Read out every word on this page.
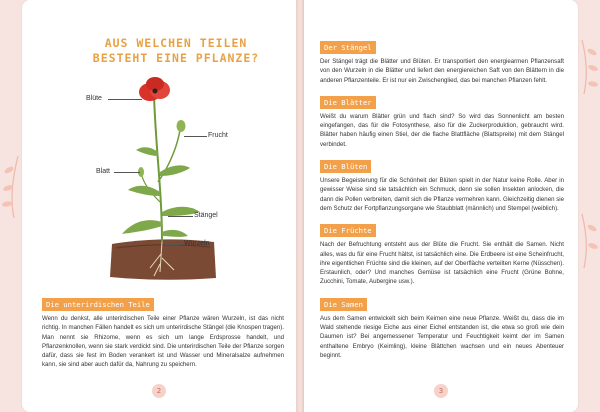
AUS WELCHEN TEILEN
BESTEHT EINE PFLANZE?
Blüte
Frucht
Blatt
Stängel
Wurzeln
Die unterirdischen Teile

Wenn du denkst, alle unterirdischen Teile einer Pflanze wären Wurzeln, ist das nicht richtig. In manchen Fällen handelt es sich um unterirdische Stängel (die Knospen tragen). Man nennt sie Rhizome, wenn es sich um lange Erdsprosse handelt, und Pflanzenknollen, wenn sie stark verdickt sind. Die unterirdischen Teile der Pflanze sorgen dafür, dass sie fest im Boden verankert ist und Wasser und Mineralsalze aufnehmen kann, sie sind aber auch dafür da, Nahrung zu speichern.

2
Der Stängel

Der Stängel trägt die Blätter und Blüten. Er transportiert den energiearmen Pflanzensaft von den Wurzeln in die Blätter und liefert den energiereichen Saft von den Blättern in die anderen Pflanzenteile. Er ist nur ein Zwischenglied, das bei manchen Pflanzen fehlt.

Die Blätter

Weißt du warum Blätter grün und flach sind? So wird das Sonnenlicht am besten eingefangen, das für die Fotosynthese, also für die Zuckerproduktion, gebraucht wird. Blätter haben häufig einen Stiel, der die flache Blattfläche (Blattspreite) mit dem Stängel verbindet.

Die Blüten

Unsere Begeisterung für die Schönheit der Blüten spielt in der Natur keine Rolle. Aber in gewisser Weise sind sie tatsächlich ein Schmuck, denn sie sollen Insekten anlocken, die dann die Pollen verbreiten, damit sich die Pflanze vermehren kann. Gleichzeitig dienen sie dem Schutz der Fortpflanzungsorgane wie Staubblatt (männlich) und Stempel (weiblich).

Die Früchte

Nach der Befruchtung entsteht aus der Blüte die Frucht. Sie enthält die Samen. Nicht alles, was du für eine Frucht hältst, ist tatsächlich eine. Die Erdbeere ist eine Scheinfrucht, ihre eigentlichen Früchte sind die kleinen, auf der Oberfläche verteilten Kerne (Nüsschen). Erstaunlich, oder? Und manches Gemüse ist tatsächlich eine Frucht (Grüne Bohne, Zucchini, Tomate, Aubergine usw.).

Die Samen

Aus dem Samen entwickelt sich beim Keimen eine neue Pflanze. Weißt du, dass die im Wald stehende riesige Eiche aus einer Eichel entstanden ist, die etwa so groß wie dein Daumen ist? Bei angemessener Temperatur und Feuchtigkeit keimt der im Samen enthaltene Embryo (Keimling), kleine Blättchen wachsen und ein neues Abenteuer beginnt.

3
